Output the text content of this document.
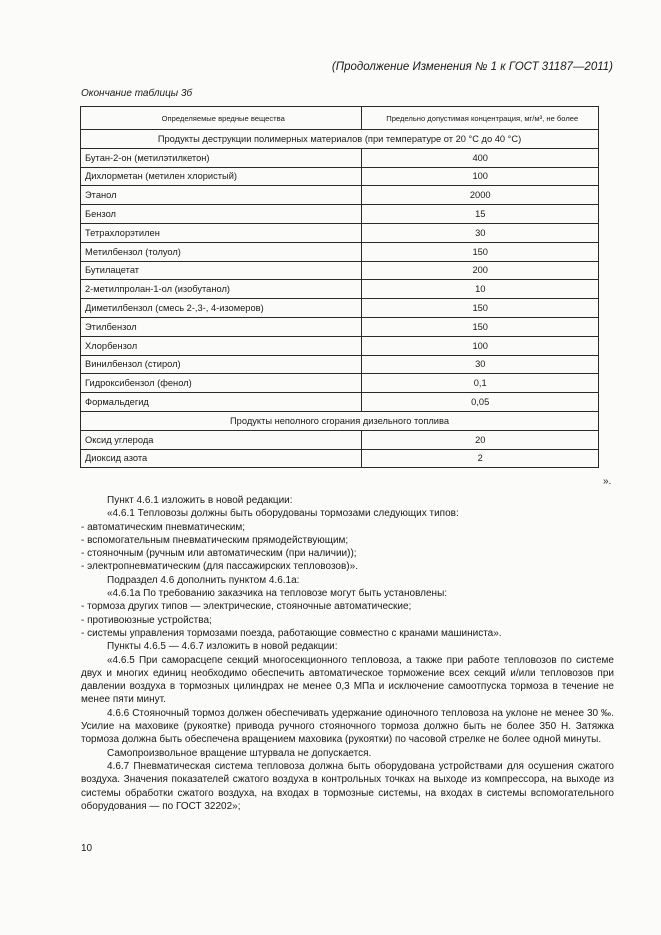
(Продолжение Изменения № 1 к ГОСТ 31187—2011)
Окончание таблицы 3б
Определяемые вредные вещества	Предельно допустимая концентрация, мг/м³, не более
Продукты деструкции полимерных материалов (при температуре от 20 °С до 40 °С)	
Бутан-2-он (метилэтилкетон)	400
Дихлорметан (метилен хлористый)	100
Этанол	2000
Бензол	15
Тетрахлорэтилен	30
Метилбензол (толуол)	150
Бутилацетат	200
2-метилпролан-1-ол (изобутанол)	10
Диметилбензол (смесь 2-,3-, 4-изомеров)	150
Этилбензол	150
Хлорбензол	100
Винилбензол (стирол)	30
Гидроксибензол (фенол)	0,1
Формальдегид	0,05
Продукты неполного сгорания дизельного топлива	
Оксид углерода	20
Диоксид азота	2
».

Пункт 4.6.1 изложить в новой редакции:

«4.6.1 Тепловозы должны быть оборудованы тормозами следующих типов:

- автоматическим пневматическим;

- вспомогательным пневматическим прямодействующим;

- стояночным (ручным или автоматическим (при наличии));

- электропневматическим (для пассажирских тепловозов)».

Подраздел 4.6 дополнить пунктом 4.6.1а:

«4.6.1а По требованию заказчика на тепловозе могут быть установлены:

- тормоза других типов — электрические, стояночные автоматические;

- противоюзные устройства;

- системы управления тормозами поезда, работающие совместно с кранами машиниста».

Пункты 4.6.5 — 4.6.7 изложить в новой редакции:

«4.6.5 При саморасцепе секций многосекционного тепловоза, а также при работе тепловозов по системе двух и многих единиц необходимо обеспечить автоматическое торможение всех секций и/или тепловозов при давлении воздуха в тормозных цилиндрах не менее 0,3 МПа и исключение самоотпуска тормоза в течение не менее пяти минут.

4.6.6 Стояночный тормоз должен обеспечивать удержание одиночного тепловоза на уклоне не менее 30 ‰. Усилие на маховике (рукоятке) привода ручного стояночного тормоза должно быть не более 350 Н. Затяжка тормоза должна быть обеспечена вращением маховика (рукоятки) по часовой стрелке не более одной минуты.

Самопроизвольное вращение штурвала не допускается.

4.6.7 Пневматическая система тепловоза должна быть оборудована устройствами для осушения сжатого воздуха. Значения показателей сжатого воздуха в контрольных точках на выходе из компрессора, на выходе из системы обработки сжатого воздуха, на входах в тормозные системы, на входах в системы вспомогательного оборудования — по ГОСТ 32202»;

10
